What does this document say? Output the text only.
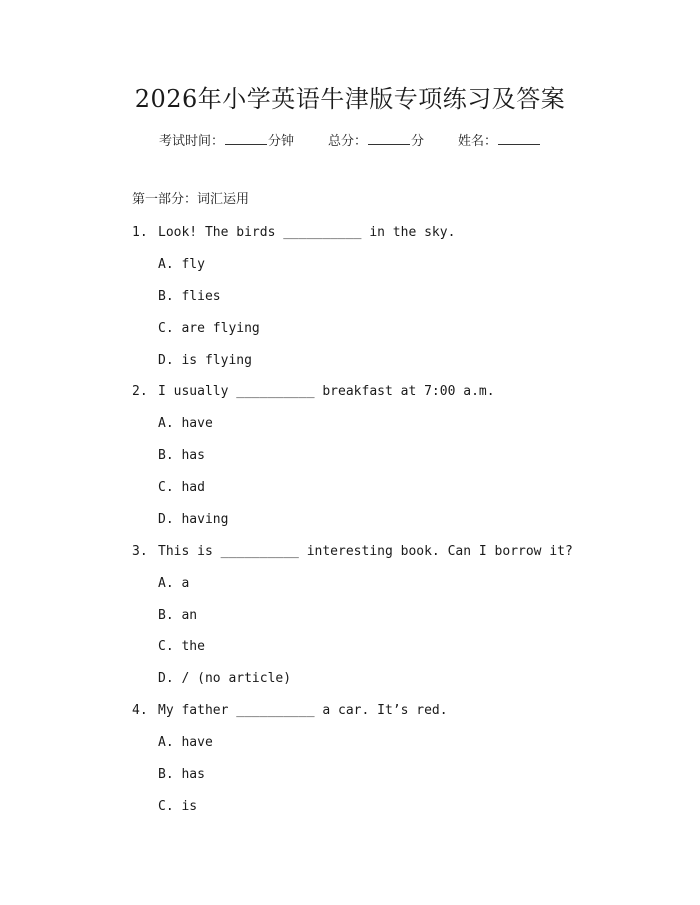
2026年小学英语牛津版专项练习及答案
考试时间：	分钟	总分：	分	姓名：
第一部分：词汇运用
1. Look! The birds __________ in the sky.
A. fly
B. flies
C. are flying
D. is flying
2. I usually __________ breakfast at 7:00 a.m.
A. have
B. has
C. had
D. having
3. This is __________ interesting book. Can I borrow it?
A. a
B. an
C. the
D. / (no article)
4. My father __________ a car. It’s red.
A. have
B. has
C. is
